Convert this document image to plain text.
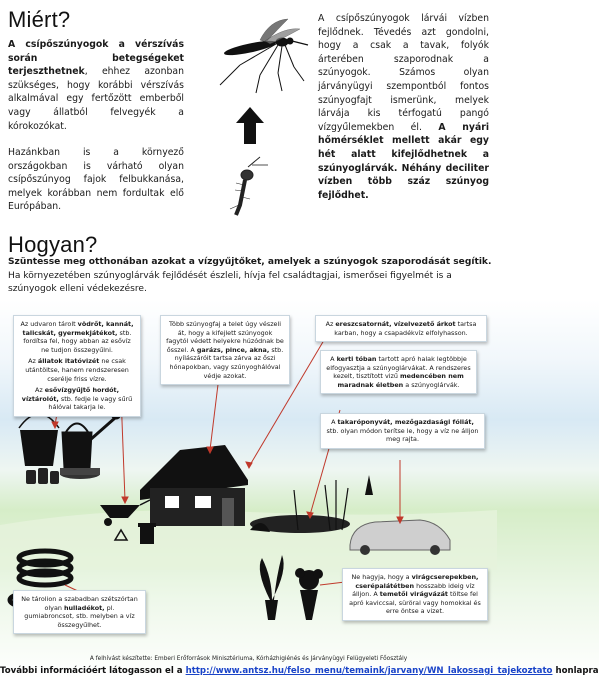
Miért?
A csípőszúnyogok a vérszívás során betegségeket terjeszthetnek, ehhez azonban szükséges, hogy korábbi vérszívás alkalmával egy fertőzött emberből vagy állatból felvegyék a kórokozókat.
Hazánkban is a környező országokban is várható olyan csípőszúnyog fajok felbukkanása, melyek korábban nem fordultak elő Európában.
A csípőszúnyogok lárvái vízben fejlődnek. Tévedés azt gondolni, hogy a csak a tavak, folyók árterében szaporodnak a szúnyogok. Számos olyan járványügyi szempontból fontos szúnyogfajt ismerünk, melyek lárvája kis térfogatú pangó vízgyűlemekben él. A nyári hőmérséklet mellett akár egy hét alatt kifejlődhetnek a szúnyoglárvák. Néhány deciliter vízben több száz szúnyog fejlődhet.
Hogyan?
Szüntesse meg otthonában azokat a vízgyűjtőket, amelyek a szúnyogok szaporodását segítik.
Ha környezetében szúnyoglárvák fejlődését észleli, hívja fel családtagjai, ismerősei figyelmét is a szúnyogok elleni védekezésre.

Az udvaron tárolt vödrőt, kannát, talicskát, gyermekjátékot, stb. fordítsa fel, hogy abban az esővíz ne tudjon összegyűlni.

Az állatok itatóvizét ne csak utántöltse, hanem rendszeresen cserélje friss vízre.

Az esővízgyűjtő hordót, víztárolót, stb. fedje le vagy sűrű hálóval takarja le.

Több szúnyogfaj a telet úgy vészeli át, hogy a kifejlett szúnyogok fagytól védett helyekre húzódnak be ősszel. A garázs, pince, akna, stb. nyílászáróit tartsa zárva az őszi hónapokban, vagy szúnyoghálóval védje azokat.

Az ereszcsatornát, vízelvezető árkot tartsa karban, hogy a csapadékvíz elfolyhasson.

A kerti tóban tartott apró halak legtöbbje elfogyasztja a szúnyoglárvákat. A rendszeres kezelt, tisztított vizű medencében nem maradnak életben a szúnyoglárvák.

A takaróponyvát, mezőgazdasági fóliát, stb. olyan módon terítse le, hogy a víz ne álljon meg rajta.

Ne tárolion a szabadban szétszórtan olyan hulladékot, pl. gumiabroncsot, stb. melyben a víz összegyűlhet.

Ne hagyja, hogy a virágcserepekben, cserépalátétben hosszabb ideig víz álljon. A temetői virágvázát töltse fel apró kaviccsal, süröral vagy homokkal és erre öntse a vizet.

A felhívást készítette: Emberi Erőforrások Minisztériuma, Kórházhigiénés és Járványügyi Felügyeleti Főosztály
További információért látogasson el a http://www.antsz.hu/felso_menu/temaink/jarvany/WN_lakossagi_tajekoztato honlapra
